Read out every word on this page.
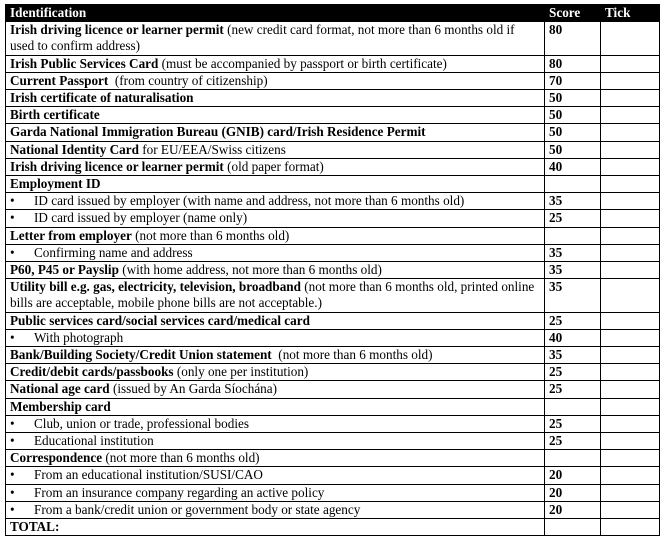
Identification	Score	Tick
Irish driving licence or learner permit (new credit card format, not more than 6 months old if used to confirm address)	80	
Irish Public Services Card (must be accompanied by passport or birth certificate)	80	
Current Passport  (from country of citizenship)	70	
Irish certificate of naturalisation	50	
Birth certificate	50	
Garda National Immigration Bureau (GNIB) card/Irish Residence Permit	50	
National Identity Card for EU/EEA/Swiss citizens	50	
Irish driving licence or learner permit (old paper format)	40	
Employment ID		
• ID card issued by employer (with name and address, not more than 6 months old)	35	
• ID card issued by employer (name only)	25	
Letter from employer (not more than 6 months old)		
• Confirming name and address	35	
P60, P45 or Payslip (with home address, not more than 6 months old)	35	
Utility bill e.g. gas, electricity, television, broadband (not more than 6 months old, printed online bills are acceptable, mobile phone bills are not acceptable.)	35	
Public services card/social services card/medical card	25	
• With photograph	40	
Bank/Building Society/Credit Union statement  (not more than 6 months old)	35	
Credit/debit cards/passbooks (only one per institution)	25	
National age card (issued by An Garda Síochána)	25	
Membership card		
• Club, union or trade, professional bodies	25	
• Educational institution	25	
Correspondence (not more than 6 months old)		
• From an educational institution/SUSI/CAO	20	
• From an insurance company regarding an active policy	20	
• From a bank/credit union or government body or state agency	20	
TOTAL:		
